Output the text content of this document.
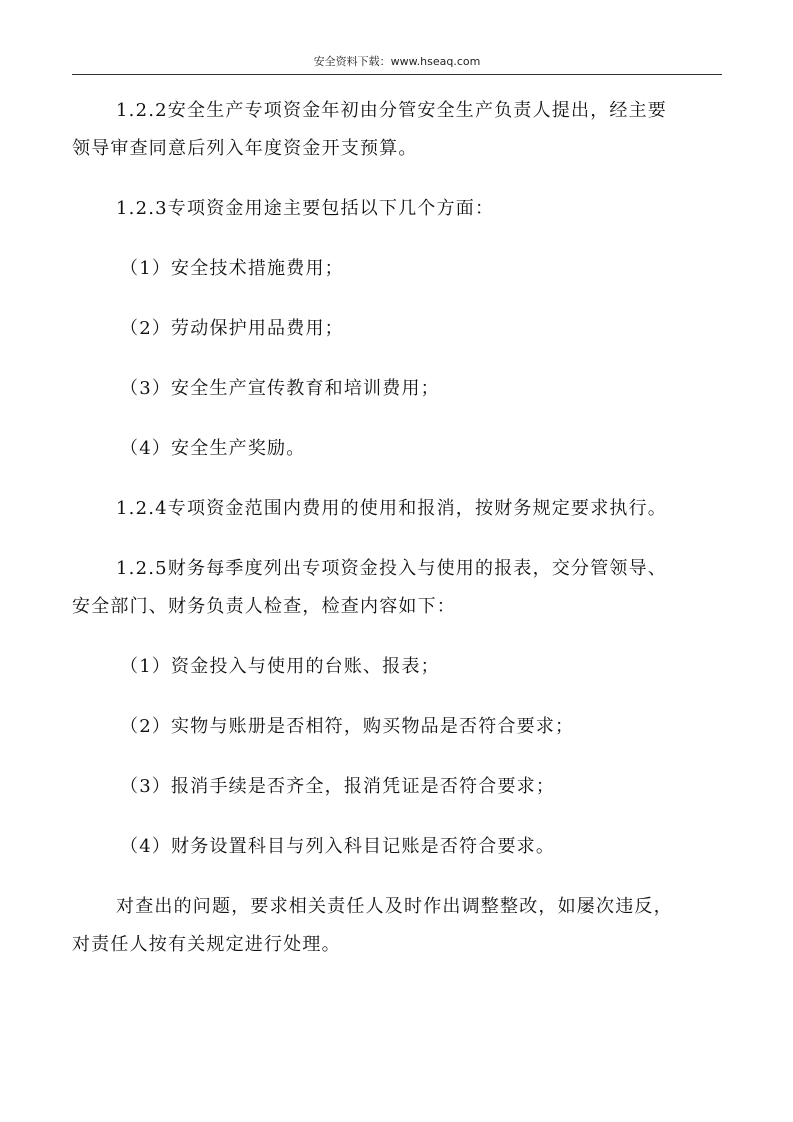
安全资料下载：www.hseaq.com

1.2.2安全生产专项资金年初由分管安全生产负责人提出，经主要

领导审查同意后列入年度资金开支预算。

1.2.3专项资金用途主要包括以下几个方面：

（1）安全技术措施费用；

（2）劳动保护用品费用；

（3）安全生产宣传教育和培训费用；

（4）安全生产奖励。

1.2.4专项资金范围内费用的使用和报消，按财务规定要求执行。

1.2.5财务每季度列出专项资金投入与使用的报表，交分管领导、

安全部门、财务负责人检查，检查内容如下：

（1）资金投入与使用的台账、报表；

（2）实物与账册是否相符，购买物品是否符合要求；

（3）报消手续是否齐全，报消凭证是否符合要求；

（4）财务设置科目与列入科目记账是否符合要求。

对查出的问题，要求相关责任人及时作出调整整改，如屡次违反，

对责任人按有关规定进行处理。
